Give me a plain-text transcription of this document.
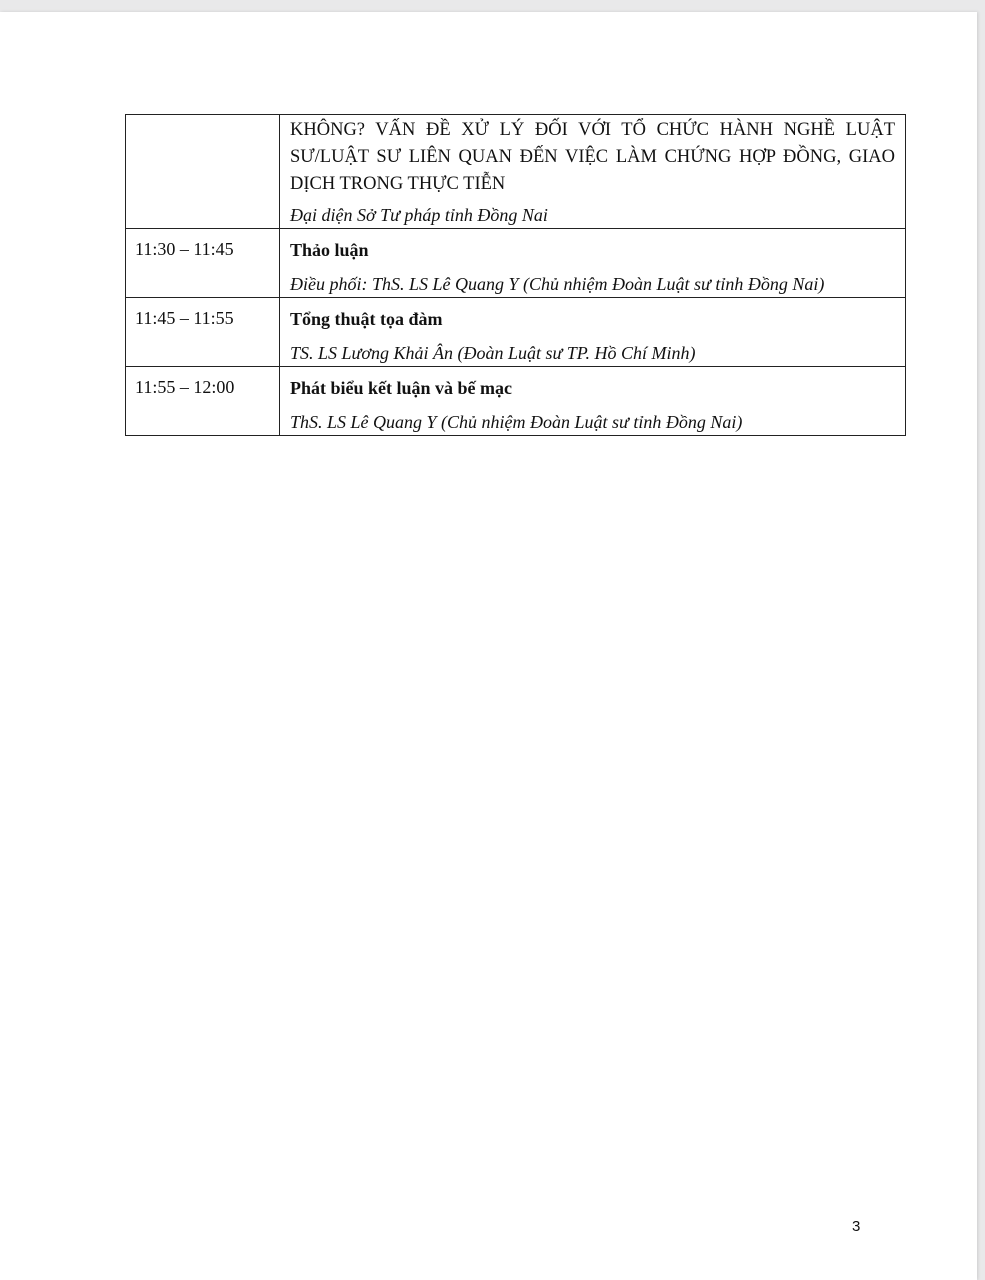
	KHÔNG? VẤN ĐỀ XỬ LÝ ĐỐI VỚI TỔ CHỨC HÀNH NGHỀ LUẬT SƯ/LUẬT SƯ LIÊN QUAN ĐẾN VIỆC LÀM CHỨNG HỢP ĐỒNG, GIAO DỊCH TRONG THỰC TIỄN

Đại diện Sở Tư pháp tỉnh Đồng Nai

11:30 – 11:45	Thảo luận

Điều phối: ThS. LS Lê Quang Y (Chủ nhiệm Đoàn Luật sư tỉnh Đồng Nai)

11:45 – 11:55	Tổng thuật tọa đàm

TS. LS Lương Khải Ân (Đoàn Luật sư TP. Hồ Chí Minh)

11:55 – 12:00	Phát biểu kết luận và bế mạc

ThS. LS Lê Quang Y (Chủ nhiệm Đoàn Luật sư tỉnh Đồng Nai)

3
